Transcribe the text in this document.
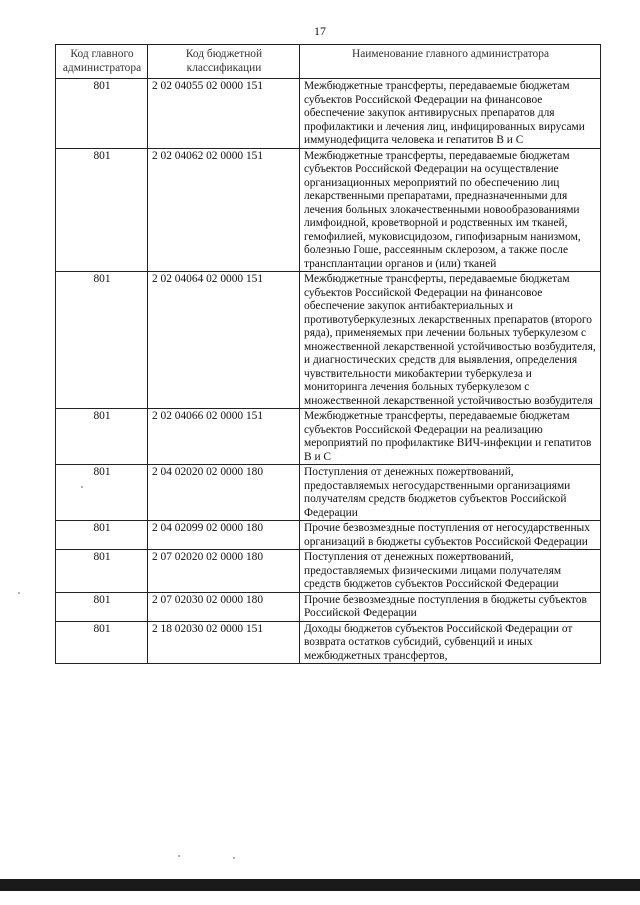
17
Код главного администратора	Код бюджетной классификации	Наименование главного администратора
801	2 02 04055 02 0000 151	Межбюджетные трансферты, передаваемые бюджетам субъектов Российской Федерации на финансовое обеспечение закупок антивирусных препаратов для профилактики и лечения лиц, инфицированных вирусами иммунодефицита человека и гепатитов В и С
801	2 02 04062 02 0000 151	Межбюджетные трансферты, передаваемые бюджетам субъектов Российской Федерации на осуществление организационных мероприятий по обеспечению лиц лекарственными препаратами, предназначенными для лечения больных злокачественными новообразованиями лимфоидной, кроветворной и родственных им тканей, гемофилией, муковисцидозом, гипофизарным нанизмом, болезнью Гоше, рассеянным склерозом, а также после трансплантации органов и (или) тканей
801	2 02 04064 02 0000 151	Межбюджетные трансферты, передаваемые бюджетам субъектов Российской Федерации на финансовое обеспечение закупок антибактериальных и противотуберкулезных лекарственных препаратов (второго ряда), применяемых при лечении больных туберкулезом с множественной лекарственной устойчивостью возбудителя, и диагностических средств для выявления, определения чувствительности микобактерии туберкулеза и мониторинга лечения больных туберкулезом с множественной лекарственной устойчивостью возбудителя
801	2 02 04066 02 0000 151	Межбюджетные трансферты, передаваемые бюджетам субъектов Российской Федерации на реализацию мероприятий по профилактике ВИЧ-инфекции и гепатитов В и С
801	2 04 02020 02 0000 180	Поступления от денежных пожертвований, предоставляемых негосударственными организациями получателям средств бюджетов субъектов Российской Федерации
801	2 04 02099 02 0000 180	Прочие безвозмездные поступления от негосударственных организаций в бюджеты субъектов Российской Федерации
801	2 07 02020 02 0000 180	Поступления от денежных пожертвований, предоставляемых физическими лицами получателям средств бюджетов субъектов Российской Федерации
801	2 07 02030 02 0000 180	Прочие безвозмездные поступления в бюджеты субъектов Российской Федерации
801	2 18 02030 02 0000 151	Доходы бюджетов субъектов Российской Федерации от возврата остатков субсидий, субвенций и иных межбюджетных трансфертов,
